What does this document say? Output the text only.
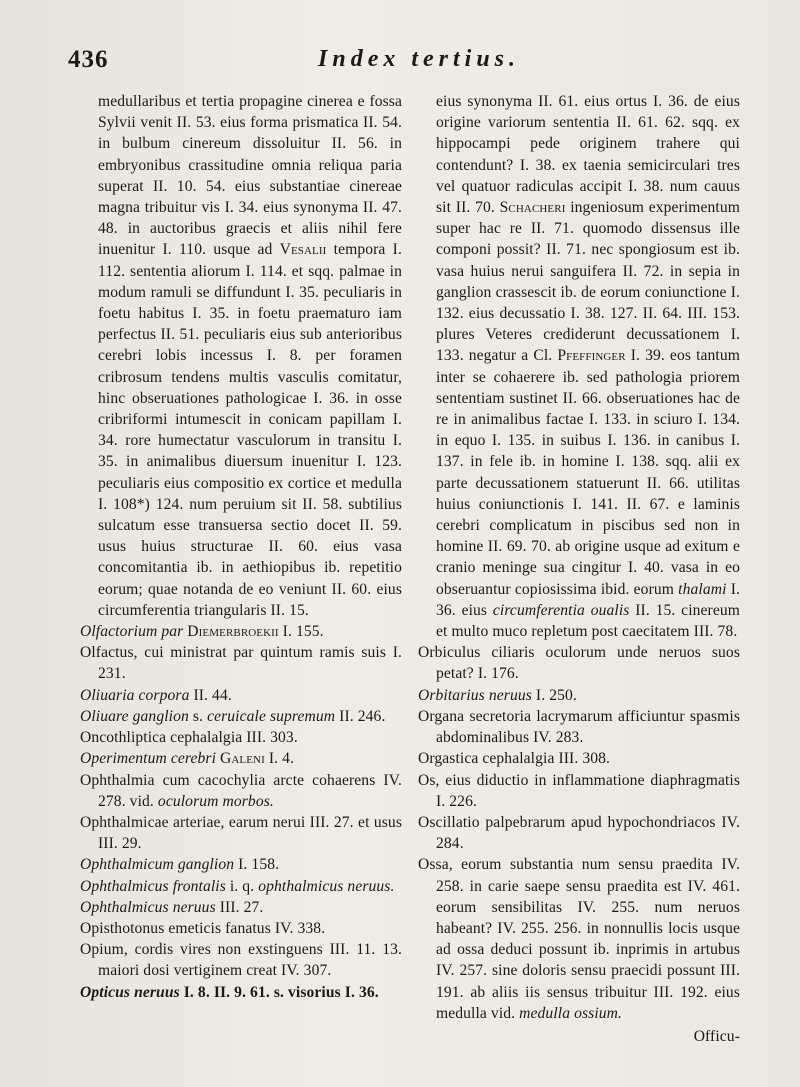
436	Index tertius.

medullaribus et tertia propagine cinerea e fossa Sylvii venit II. 53. eius forma prismatica II. 54. in bulbum cinereum dissoluitur II. 56. in embryonibus crassitudine omnia reliqua paria superat II. 10. 54. eius substantiae cinereae magna tribuitur vis I. 34. eius synonyma II. 47. 48. in auctoribus graecis et aliis nihil fere inuenitur I. 110. usque ad Vesalii tempora I. 112. sententia aliorum I. 114. et sqq. palmae in modum ramuli se diffundunt I. 35. peculiaris in foetu habitus I. 35. in foetu praematuro iam perfectus II. 51. peculiaris eius sub anterioribus cerebri lobis incessus I. 8. per foramen cribrosum tendens multis vasculis comitatur, hinc obseruationes pathologicae I. 36. in osse cribriformi intumescit in conicam papillam I. 34. rore humectatur vasculorum in transitu I. 35. in animalibus diuersum inuenitur I. 123. peculiaris eius compositio ex cortice et medulla I. 108*) 124. num peruium sit II. 58. subtilius sulcatum esse transuersa sectio docet II. 59. usus huius structurae II. 60. eius vasa concomitantia ib. in aethiopibus ib. repetitio eorum; quae notanda de eo veniunt II. 60. eius circumferentia triangularis II. 15.

Olfactorium par Diemerbroekii I. 155.

Olfactus, cui ministrat par quintum ramis suis I. 231.

Oliuaria corpora II. 44.

Oliuare ganglion s. ceruicale supremum II. 246.

Oncothliptica cephalalgia III. 303.

Operimentum cerebri Galeni I. 4.

Ophthalmia cum cacochylia arcte cohaerens IV. 278. vid. oculorum morbos.

Ophthalmicae arteriae, earum nerui III. 27. et usus III. 29.

Ophthalmicum ganglion I. 158.

Ophthalmicus frontalis i. q. ophthalmicus neruus.

Ophthalmicus neruus III. 27.

Opisthotonus emeticis fanatus IV. 338.

Opium, cordis vires non exstinguens III. 11. 13. maiori dosi vertiginem creat IV. 307.

Opticus neruus I. 8. II. 9. 61. s. visorius I. 36.

eius synonyma II. 61. eius ortus I. 36. de eius origine variorum sententia II. 61. 62. sqq. ex hippocampi pede originem trahere qui contendunt? I. 38. ex taenia semicirculari tres vel quatuor radiculas accipit I. 38. num cauus sit II. 70. Schacheri ingeniosum experimentum super hac re II. 71. quomodo dissensus ille componi possit? II. 71. nec spongiosum est ib. vasa huius nerui sanguifera II. 72. in sepia in ganglion crassescit ib. de eorum coniunctione I. 132. eius decussatio I. 38. 127. II. 64. III. 153. plures Veteres crediderunt decussationem I. 133. negatur a Cl. Pfeffinger I. 39. eos tantum inter se cohaerere ib. sed pathologia priorem sententiam sustinet II. 66. obseruationes hac de re in animalibus factae I. 133. in sciuro I. 134. in equo I. 135. in suibus I. 136. in canibus I. 137. in fele ib. in homine I. 138. sqq. alii ex parte decussationem statuerunt II. 66. utilitas huius coniunctionis I. 141. II. 67. e laminis cerebri complicatum in piscibus sed non in homine II. 69. 70. ab origine usque ad exitum e cranio meninge sua cingitur I. 40. vasa in eo obseruantur copiosissima ibid. eorum thalami I. 36. eius circumferentia oualis II. 15. cinereum et multo muco repletum post caecitatem III. 78.

Orbiculus ciliaris oculorum unde neruos suos petat? I. 176.

Orbitarius neruus I. 250.

Organa secretoria lacrymarum afficiuntur spasmis abdominalibus IV. 283.

Orgastica cephalalgia III. 308.

Os, eius diductio in inflammatione diaphragmatis I. 226.

Oscillatio palpebrarum apud hypochondriacos IV. 284.

Ossa, eorum substantia num sensu praedita IV. 258. in carie saepe sensu praedita est IV. 461. eorum sensibilitas IV. 255. num neruos habeant? IV. 255. 256. in nonnullis locis usque ad ossa deduci possunt ib. inprimis in artubus IV. 257. sine doloris sensu praecidi possunt III. 191. ab aliis iis sensus tribuitur III. 192. eius medulla vid. medulla ossium.

Officu-
